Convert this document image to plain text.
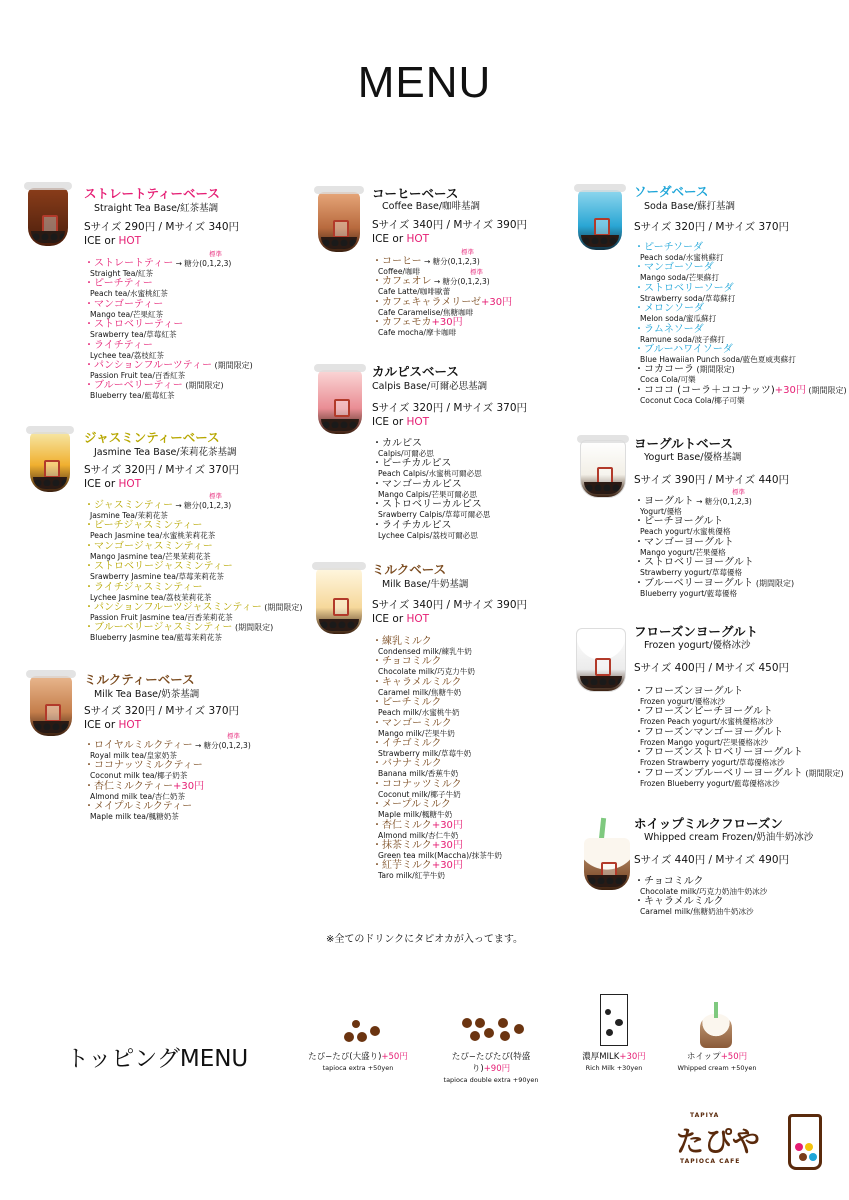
MENU
ストレートティーベース
Straight Tea Base/紅茶基調
Sサイズ 290円 / Mサイズ 340円
ICE or HOT
標準
・ストレートティー → 糖分(0,1,2,3)
Straight Tea/紅茶
・ピーチティー
Peach tea/水蜜桃紅茶
・マンゴーティー
Mango tea/芒果紅茶
・ストロベリーティー
Srawberry tea/草莓紅茶
・ライチティー
Lychee tea/荔枝紅茶
・パンションフルーツティー (期間限定)
Passion Fruit tea/百香紅茶
・ブルーベリーティー (期間限定)
Blueberry tea/藍莓紅茶
ジャスミンティーベース
Jasmine Tea Base/茉莉花茶基調
Sサイズ 320円 / Mサイズ 370円
ICE or HOT
標準
・ジャスミンティー → 糖分(0,1,2,3)
Jasmine Tea/茉莉花茶
・ピーチジャスミンティー
Peach Jasmine tea/水蜜桃茉莉花茶
・マンゴージャスミンティー
Mango Jasmine tea/芒果茉莉花茶
・ストロベリージャスミンティー
Srawberry Jasmine tea/草莓茉莉花茶
・ライチジャスミンティー
Lychee Jasmine tea/荔枝茉莉花茶
・パンションフルーツジャスミンティー (期間限定)
Passion Fruit Jasmine tea/百香茉莉花茶
・ブルーベリージャスミンティー (期間限定)
Blueberry Jasmine tea/藍莓茉莉花茶
ミルクティーベース
Milk Tea Base/奶茶基調
Sサイズ 320円 / Mサイズ 370円
ICE or HOT
標準
・ロイヤルミルクティー → 糖分(0,1,2,3)
Royal milk tea/皇家奶茶
・ココナッツミルクティー
Coconut milk tea/椰子奶茶
・杏仁ミルクティー+30円
Almond milk tea/杏仁奶茶
・メイプルミルクティー
Maple milk tea/楓糖奶茶
コーヒーベース
Coffee Base/咖啡基調
Sサイズ 340円 / Mサイズ 390円
ICE or HOT
標準
・コーヒー → 糖分(0,1,2,3)
Coffee/咖啡	標準
・カフェオレ → 糖分(0,1,2,3)
Cafe Latte/咖啡歐蕾
・カフェキャラメリーゼ+30円
Cafe Caramelise/焦糖咖啡
・カフェモカ+30円
Cafe mocha/摩卡咖啡
カルピスベース
Calpis Base/可爾必思基調
Sサイズ 320円 / Mサイズ 370円
ICE or HOT
・カルピス
Calpis/可爾必思
・ピーチカルピス
Peach Calpis/水蜜桃可爾必思
・マンゴーカルピス
Mango Calpis/芒果可爾必思
・ストロベリーカルピス
Srawberry Calpis/草莓可爾必思
・ライチカルピス
Lychee Calpis/荔枝可爾必思
ミルクベース
Milk Base/牛奶基調
Sサイズ 340円 / Mサイズ 390円
ICE or HOT
・練乳ミルク
Condensed milk/練乳牛奶
・チョコミルク
Chocolate milk/巧克力牛奶
・キャラメルミルク
Caramel milk/焦糖牛奶
・ピーチミルク
Peach milk/水蜜桃牛奶
・マンゴーミルク
Mango milk/芒果牛奶
・イチゴミルク
Strawberry milk/草莓牛奶
・バナナミルク
Banana milk/香蕉牛奶
・ココナッツミルク
Coconut milk/椰子牛奶
・メープルミルク
Maple milk/楓糖牛奶
・杏仁ミルク+30円
Almond milk/杏仁牛奶
・抹茶ミルク+30円
Green tea milk(Maccha)/抹茶牛奶
・紅芋ミルク+30円
Taro milk/紅芋牛奶
ソーダベース
Soda Base/蘇打基調
Sサイズ 320円 / Mサイズ 370円
・ピーチソーダ
Peach soda/水蜜桃蘇打
・マンゴーソーダ
Mango soda/芒果蘇打
・ストロベリーソーダ
Strawberry soda/草莓蘇打
・メロンソーダ
Melon soda/蜜瓜蘇打
・ラムネソーダ
Ramune soda/波子蘇打
・ブルーハワイソーダ
Blue Hawaiian Punch soda/藍色夏威夷蘇打
・コカコーラ (期間限定)
Coca Cola/可樂
・コココ (コーラ＋ココナッツ)+30円 (期間限定)
Coconut Coca Cola/椰子可樂
ヨーグルトベース
Yogurt Base/優格基調
Sサイズ 390円 / Mサイズ 440円
標準
・ヨーグルト → 糖分(0,1,2,3)
Yogurt/優格
・ピーチヨーグルト
Peach yogurt/水蜜桃優格
・マンゴーヨーグルト
Mango yogurt/芒果優格
・ストロベリーヨーグルト
Strawberry yogurt/草莓優格
・ブルーベリーヨーグルト (期間限定)
Blueberry yogurt/藍莓優格
フローズンヨーグルト
Frozen yogurt/優格冰沙
Sサイズ 400円 / Mサイズ 450円
・フローズンヨーグルト
Frozen yogurt/優格冰沙
・フローズンピーチヨーグルト
Frozen Peach yogurt/水蜜桃優格冰沙
・フローズンマンゴーヨーグルト
Frozen Mango yogurt/芒果優格冰沙
・フローズンストロベリーヨーグルト
Frozen Strawberry yogurt/草莓優格冰沙
・フローズンブルーベリーヨーグルト (期間限定)
Frozen Blueberry yogurt/藍莓優格冰沙
ホイップミルクフローズン
Whipped cream Frozen/奶油牛奶冰沙
Sサイズ 440円 / Mサイズ 490円
・チョコミルク
Chocolate milk/巧克力奶油牛奶冰沙
・キャラメルミルク
Caramel milk/焦糖奶油牛奶冰沙
※全てのドリンクにタピオカが入ってます。
トッピングMENU	たぴ−たぴ(大盛り)+50円
tapioca extra +50yen
たぴ−たぴたぴ(特盛り)+90円
tapioca double extra +90yen
濃厚MILK+30円
Rich Milk +30yen
ホイップ+50円
Whipped cream +50yen
TAPIYA
たぴや
TAPIOCA CAFE
